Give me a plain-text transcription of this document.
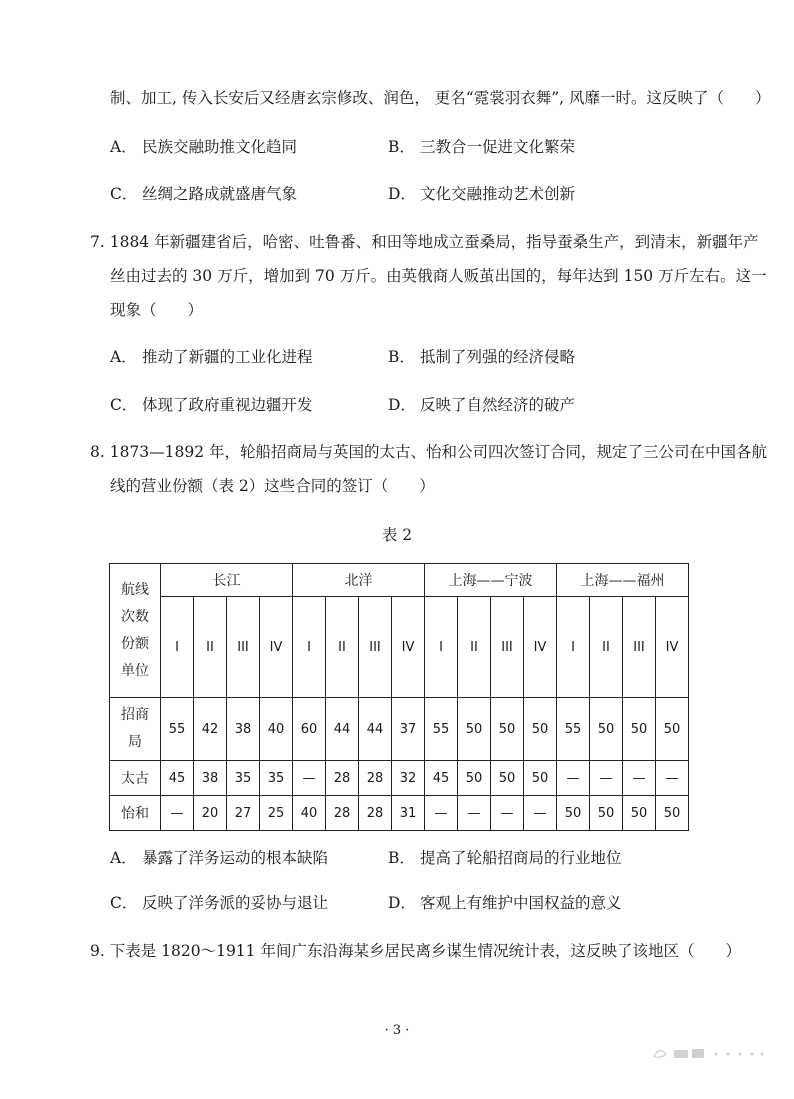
制、加工, 传入长安后又经唐玄宗修改、润色， 更名“霓裳羽衣舞”, 风靡一时。这反映了（　　）
A． 民族交融助推文化趋同	B． 三教合一促进文化繁荣
C． 丝绸之路成就盛唐气象	D． 文化交融推动艺术创新
7. 1884 年新疆建省后，哈密、吐鲁番、和田等地成立蚕桑局，指导蚕桑生产，到清末，新疆年产
丝由过去的 30 万斤，增加到 70 万斤。由英俄商人贩茧出国的，每年达到 150 万斤左右。这一
现象（　　）
A． 推动了新疆的工业化进程	B． 抵制了列强的经济侵略
C． 体现了政府重视边疆开发	D． 反映了自然经济的破产
8. 1873—1892 年，轮船招商局与英国的太古、怡和公司四次签订合同，规定了三公司在中国各航
线的营业份额（表 2）这些合同的签订（　　）
表 2
航线
次数
份额
单位	长江				北洋				上海——宁波				上海——福州			
	I	II	III	IV	I	II	III	IV	I	II	III	IV	I	II	III	IV

招商
局	55	42	38	40	60	44	44	37	55	50	50	50	55	50	50	50
太古	45	38	35	35	—	28	28	32	45	50	50	50	—	—	—	—
怡和	—	20	27	25	40	28	28	31	—	—	—	—	50	50	50	50
A． 暴露了洋务运动的根本缺陷	B． 提高了轮船招商局的行业地位
C． 反映了洋务派的妥协与退让	D． 客观上有维护中国权益的意义
9. 下表是 1820～1911 年间广东沿海某乡居民离乡谋生情况统计表，这反映了该地区（　　）
· 3 ·
